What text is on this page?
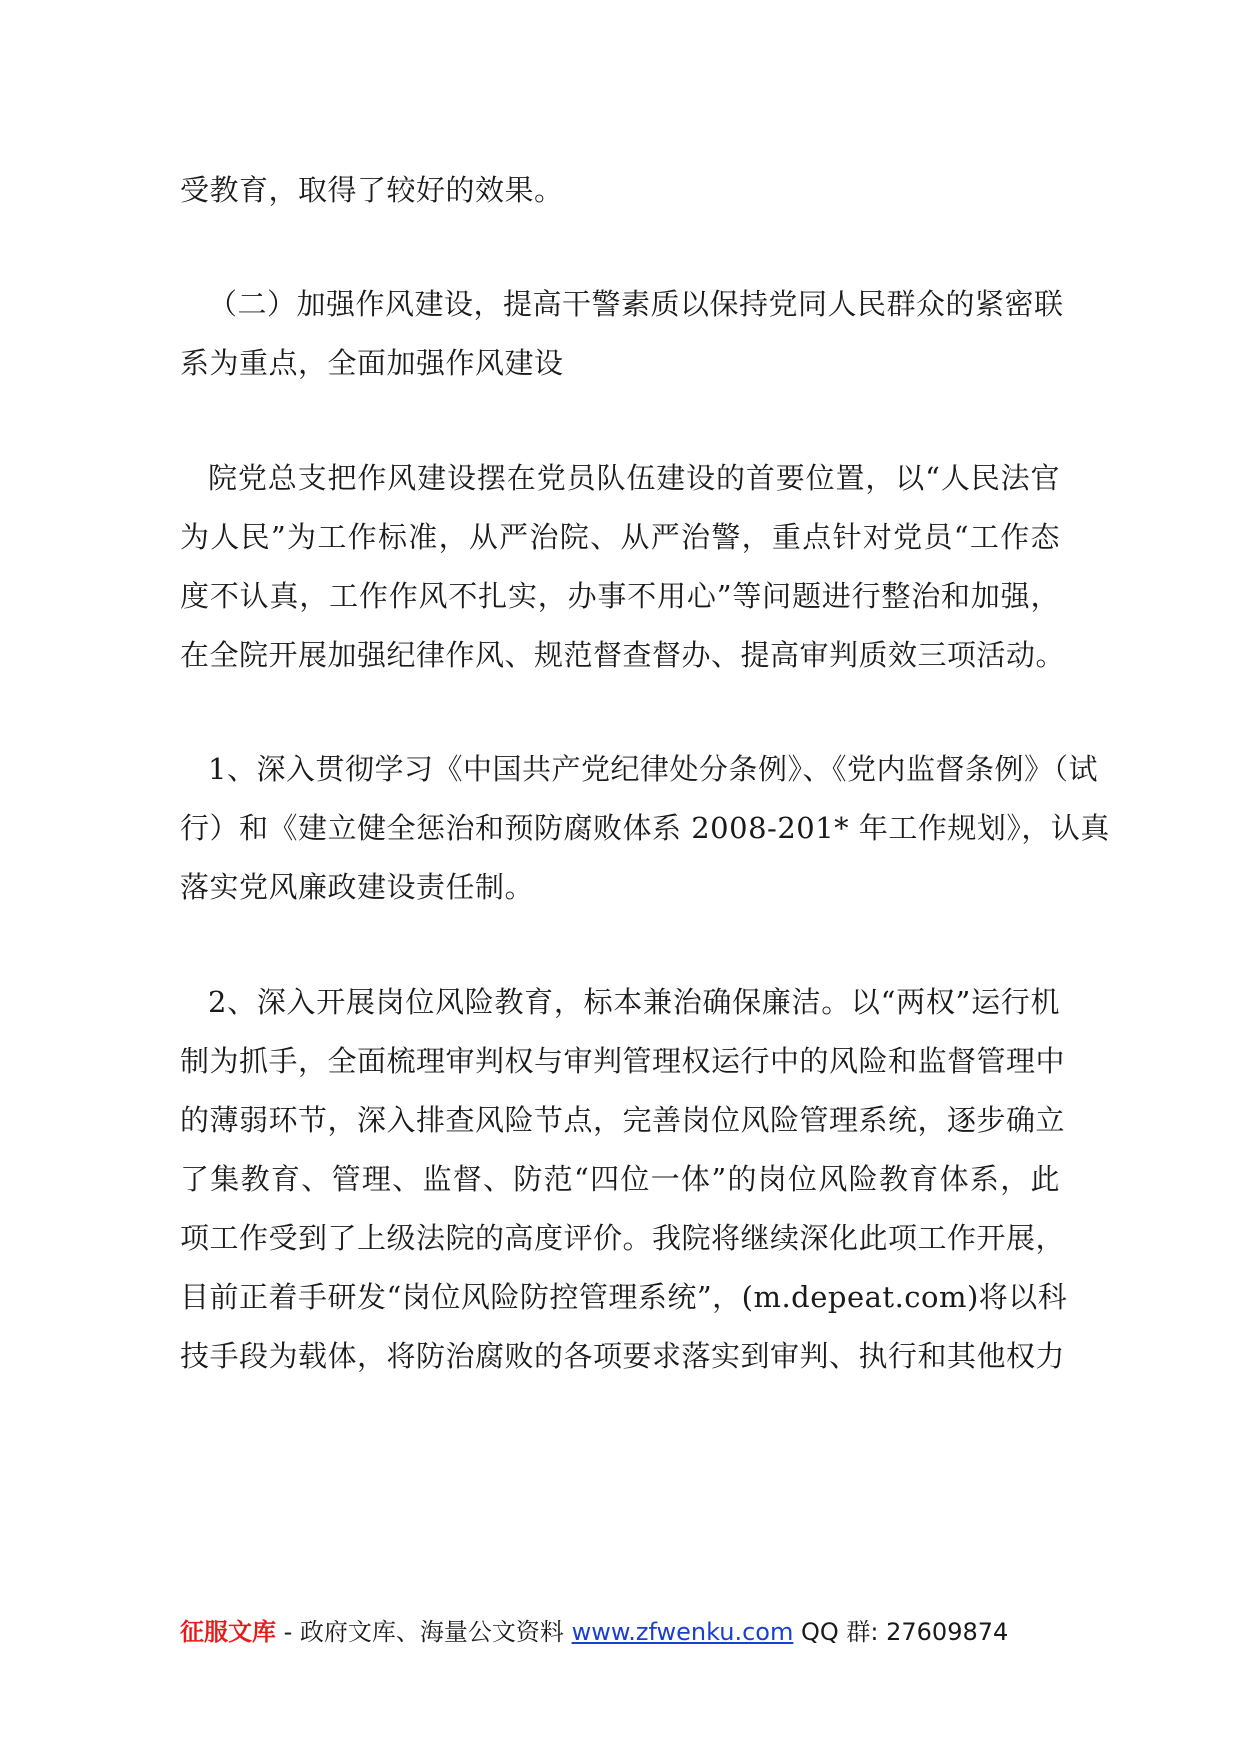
受教育，取得了较好的效果。
（二）加强作风建设，提高干警素质以保持党同人民群众的紧密联
系为重点，全面加强作风建设
院党总支把作风建设摆在党员队伍建设的首要位置，以“人民法官
为人民”为工作标准，从严治院、从严治警，重点针对党员“工作态
度不认真，工作作风不扎实，办事不用心”等问题进行整治和加强，
在全院开展加强纪律作风、规范督查督办、提高审判质效三项活动。
1、深入贯彻学习《中国共产党纪律处分条例》、《党内监督条例》（试
行）和《建立健全惩治和预防腐败体系 2008-201* 年工作规划》，认真
落实党风廉政建设责任制。
2、深入开展岗位风险教育，标本兼治确保廉洁。以“两权”运行机
制为抓手，全面梳理审判权与审判管理权运行中的风险和监督管理中
的薄弱环节，深入排查风险节点，完善岗位风险管理系统，逐步确立
了集教育、管理、监督、防范“四位一体”的岗位风险教育体系，此
项工作受到了上级法院的高度评价。我院将继续深化此项工作开展，
目前正着手研发“岗位风险防控管理系统”，(m.depeat.com)将以科
技手段为载体，将防治腐败的各项要求落实到审判、执行和其他权力
征服文库 - 政府文库、海量公文资料 www.zfwenku.com QQ 群: 27609874
